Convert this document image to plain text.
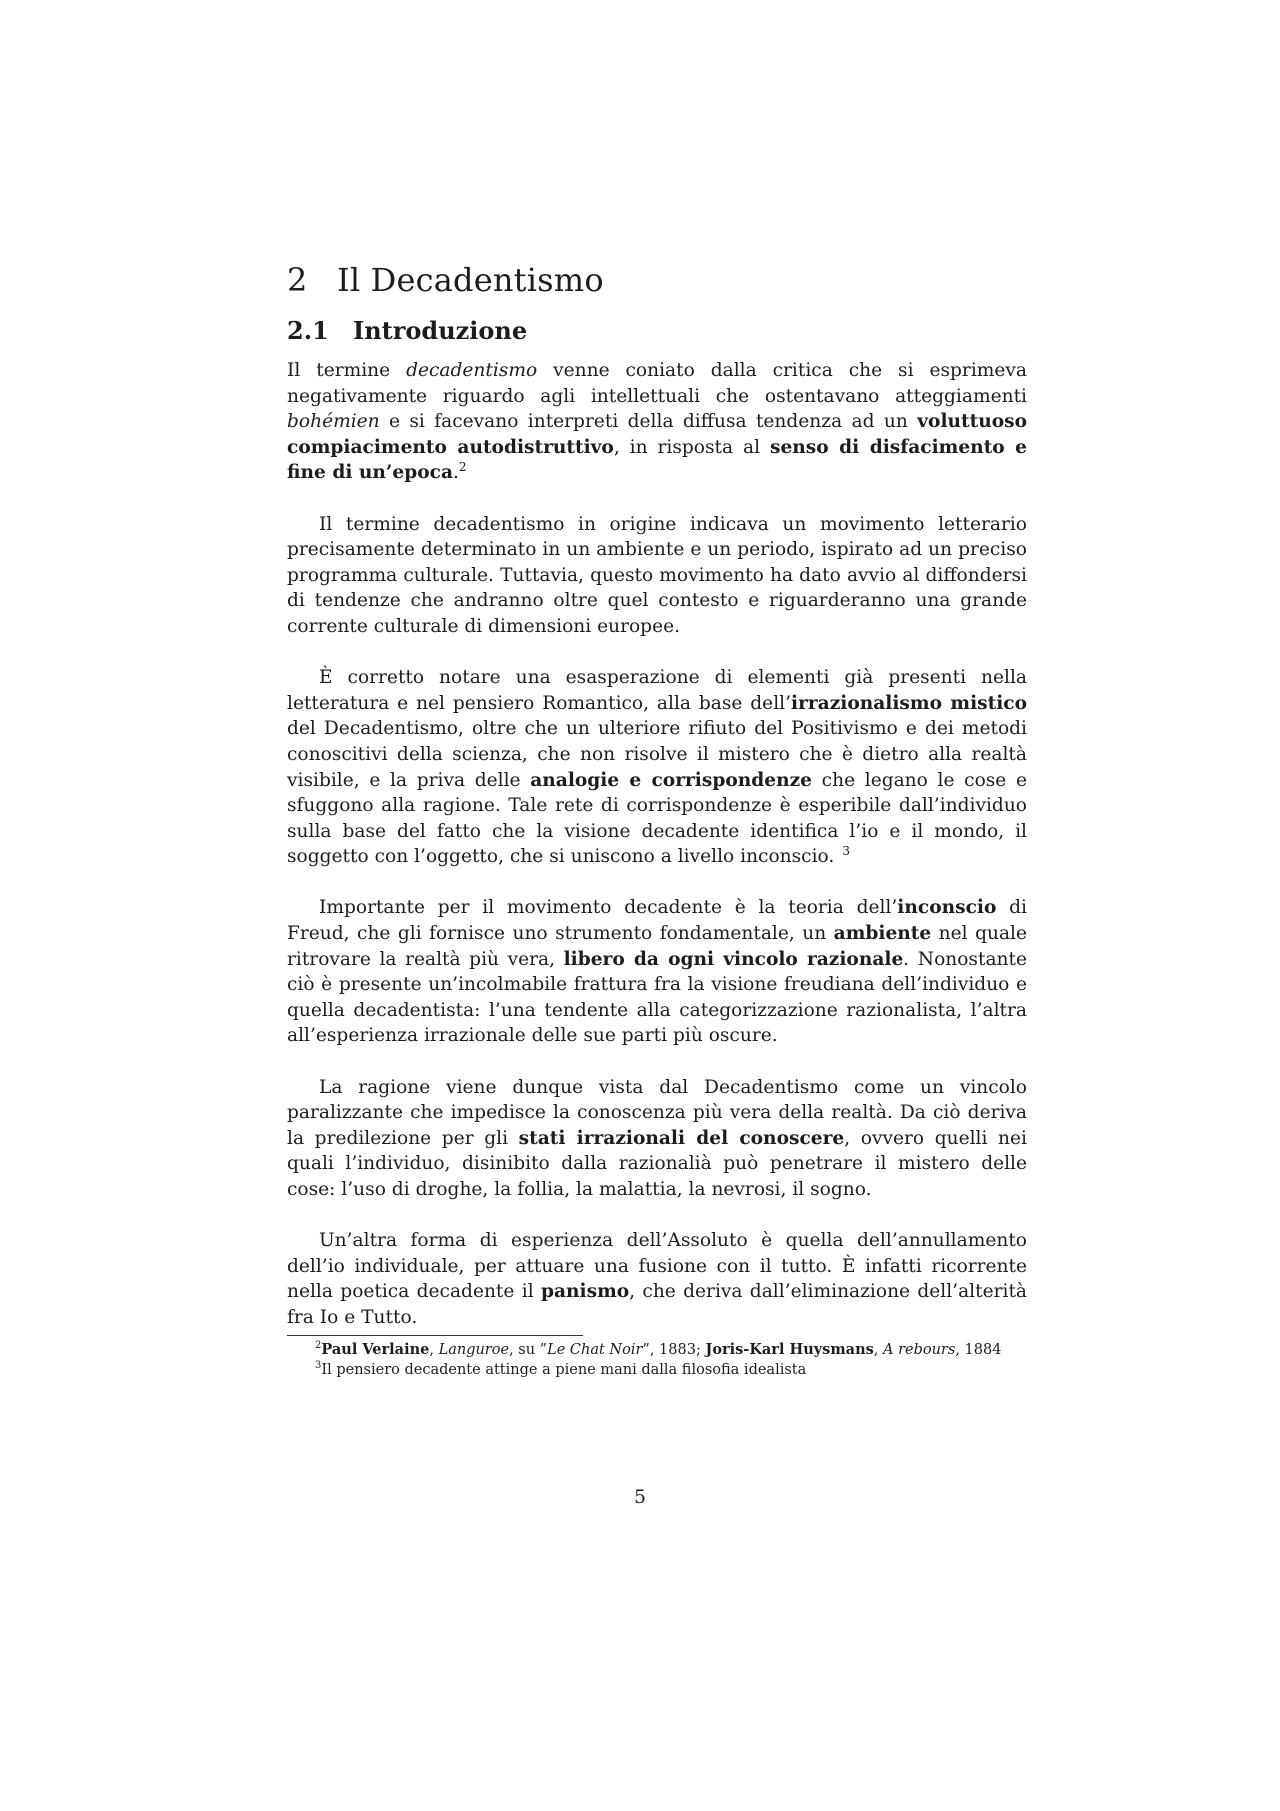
2 Il Decadentismo
2.1 Introduzione

Il termine decadentismo venne coniato dalla critica che si esprimeva negativamente riguardo agli intellettuali che ostentavano atteggiamenti bohémien e si facevano interpreti della diffusa tendenza ad un voluttuoso compiacimento autodistruttivo, in risposta al senso di disfacimento e fine di un’epoca.$^2$

Il termine decadentismo in origine indicava un movimento letterario precisamente determinato in un ambiente e un periodo, ispirato ad un preciso programma culturale. Tuttavia, questo movimento ha dato avvio al diffondersi di tendenze che andranno oltre quel contesto e riguarderanno una grande corrente culturale di dimensioni europee.

È corretto notare una esasperazione di elementi già presenti nella letteratura e nel pensiero Romantico, alla base dell’irrazionalismo mistico del Decadentismo, oltre che un ulteriore rifiuto del Positivismo e dei metodi conoscitivi della scienza, che non risolve il mistero che è dietro alla realtà visibile, e la priva delle analogie e corrispondenze che legano le cose e sfuggono alla ragione. Tale rete di corrispondenze è esperibile dall’individuo sulla base del fatto che la visione decadente identifica l’io e il mondo, il soggetto con l’oggetto, che si uniscono a livello inconscio. $^3$

Importante per il movimento decadente è la teoria dell’inconscio di Freud, che gli fornisce uno strumento fondamentale, un ambiente nel quale ritrovare la realtà più vera, libero da ogni vincolo razionale. Nonostante ciò è presente un’incolmabile frattura fra la visione freudiana dell’individuo e quella decadentista: l’una tendente alla categorizzazione razionalista, l’altra all’esperienza irrazionale delle sue parti più oscure.

La ragione viene dunque vista dal Decadentismo come un vincolo paralizzante che impedisce la conoscenza più vera della realtà. Da ciò deriva la predilezione per gli stati irrazionali del conoscere, ovvero quelli nei quali l’individuo, disinibito dalla razionalià può penetrare il mistero delle cose: l’uso di droghe, la follia, la malattia, la nevrosi, il sogno.

Un’altra forma di esperienza dell’Assoluto è quella dell’annullamento dell’io individuale, per attuare una fusione con il tutto. È infatti ricorrente nella poetica decadente il panismo, che deriva dall’eliminazione dell’alterità fra Io e Tutto.

$^2$Paul Verlaine, Languroe, su ”Le Chat Noir”, 1883; Joris-Karl Huysmans, A rebours, 1884

$^3$Il pensiero decadente attinge a piene mani dalla filosofia idealista

5
